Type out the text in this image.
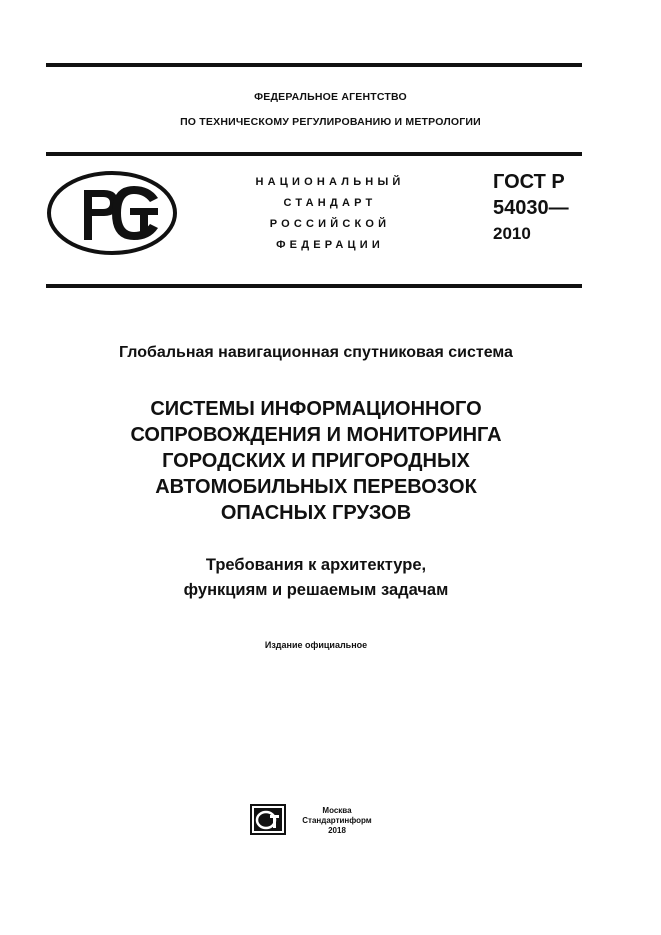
ФЕДЕРАЛЬНОЕ АГЕНТСТВО
ПО ТЕХНИЧЕСКОМУ РЕГУЛИРОВАНИЮ И МЕТРОЛОГИИ
НАЦИОНАЛЬНЫЙ
СТАНДАРТ
РОССИЙСКОЙ
ФЕДЕРАЦИИ
ГОСТ Р
54030—
2010
Глобальная навигационная спутниковая система
СИСТЕМЫ ИНФОРМАЦИОННОГО
СОПРОВОЖДЕНИЯ И МОНИТОРИНГА
ГОРОДСКИХ И ПРИГОРОДНЫХ
АВТОМОБИЛЬНЫХ ПЕРЕВОЗОК
ОПАСНЫХ ГРУЗОВ
Требования к архитектуре,
функциям и решаемым задачам
Издание официальное
Москва
Стандартинформ
2018
